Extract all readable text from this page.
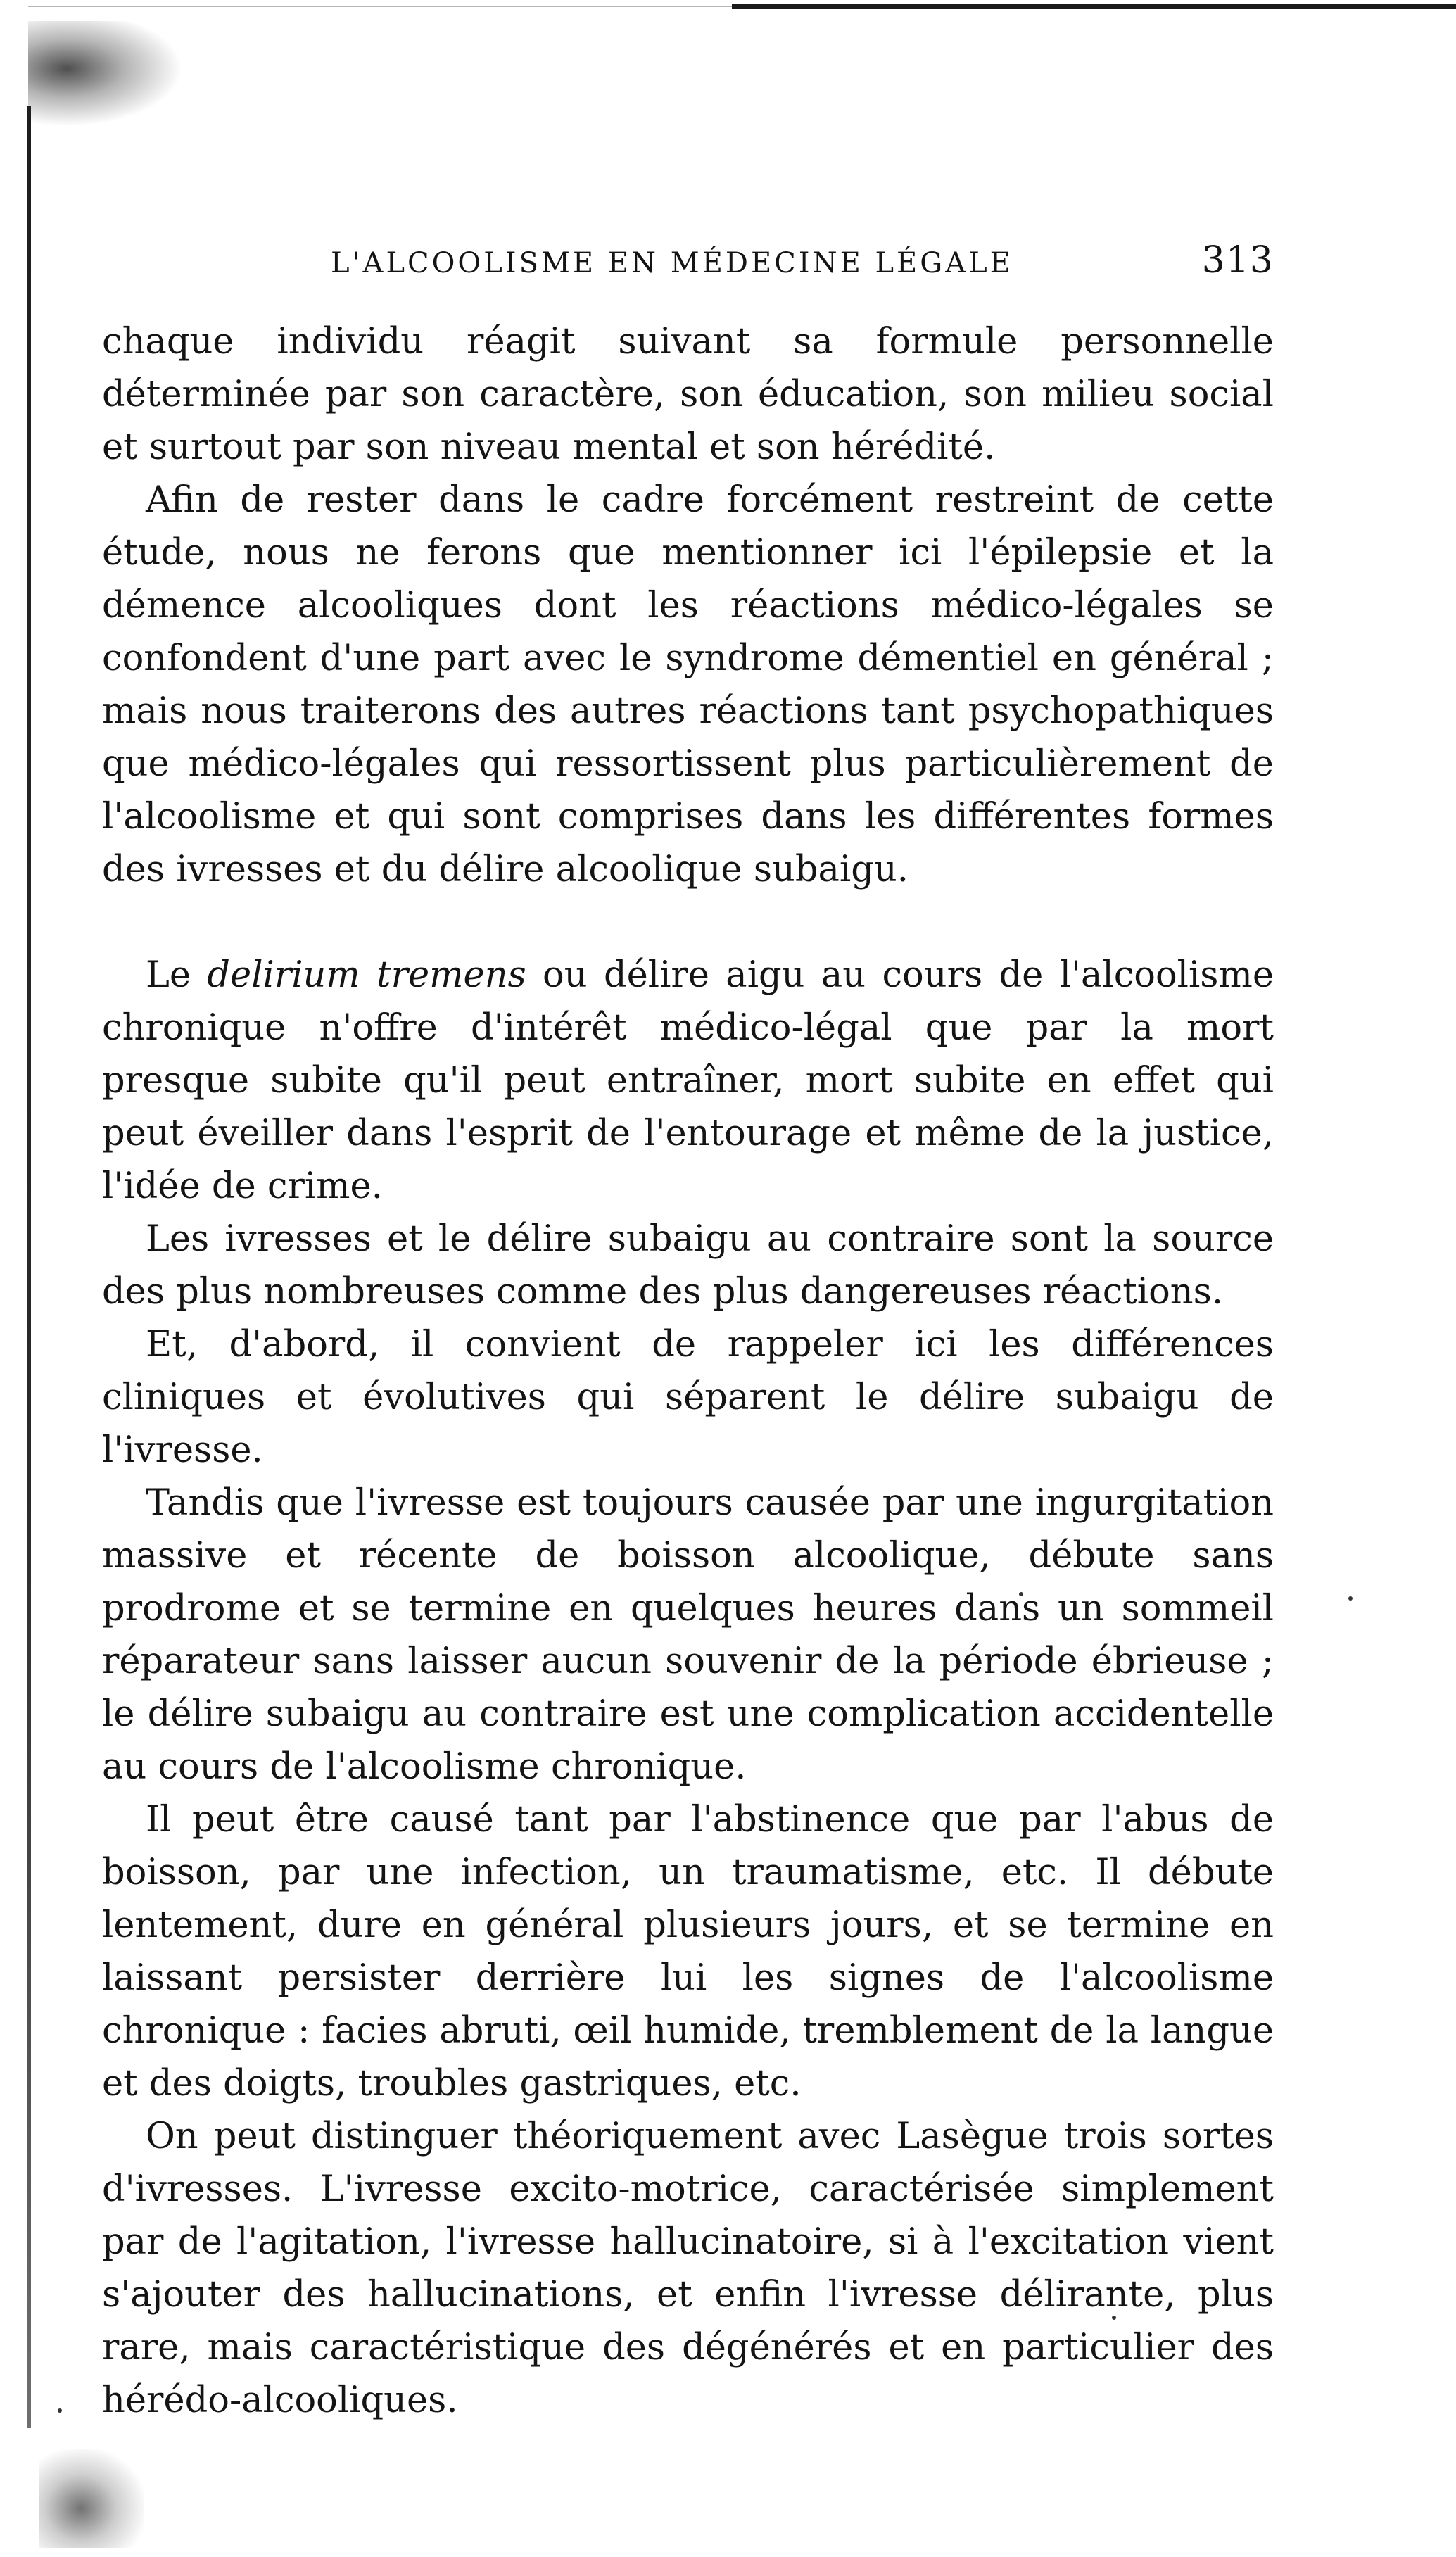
L'ALCOOLISME EN MÉDECINE LÉGALE	313

chaque individu réagit suivant sa formule personnelle déterminée par son caractère, son éducation, son milieu social et surtout par son niveau mental et son hérédité.

Afin de rester dans le cadre forcément restreint de cette étude, nous ne ferons que mentionner ici l'épilepsie et la démence alcooliques dont les réactions médico-légales se confondent d'une part avec le syndrome démentiel en général ; mais nous traiterons des autres réactions tant psychopathiques que médico-légales qui ressortissent plus particulièrement de l'alcoolisme et qui sont comprises dans les différentes formes des ivresses et du délire alcoolique subaigu.

Le delirium tremens ou délire aigu au cours de l'alcoolisme chronique n'offre d'intérêt médico-légal que par la mort presque subite qu'il peut entraîner, mort subite en effet qui peut éveiller dans l'esprit de l'entourage et même de la justice, l'idée de crime.

Les ivresses et le délire subaigu au contraire sont la source des plus nombreuses comme des plus dangereuses réactions.

Et, d'abord, il convient de rappeler ici les différences cliniques et évolutives qui séparent le délire subaigu de l'ivresse.

Tandis que l'ivresse est toujours causée par une ingurgitation massive et récente de boisson alcoolique, débute sans prodrome et se termine en quelques heures dans un sommeil réparateur sans laisser aucun souvenir de la période ébrieuse ; le délire subaigu au contraire est une complication accidentelle au cours de l'alcoolisme chronique.

Il peut être causé tant par l'abstinence que par l'abus de boisson, par une infection, un traumatisme, etc. Il débute lentement, dure en général plusieurs jours, et se termine en laissant persister derrière lui les signes de l'alcoolisme chronique : facies abruti, œil humide, tremblement de la langue et des doigts, troubles gastriques, etc.

On peut distinguer théoriquement avec Lasègue trois sortes d'ivresses. L'ivresse excito-motrice, caractérisée simplement par de l'agitation, l'ivresse hallucinatoire, si à l'excitation vient s'ajouter des hallucinations, et enfin l'ivresse délirante, plus rare, mais caractéristique des dégénérés et en particulier des hérédo-alcooliques.
